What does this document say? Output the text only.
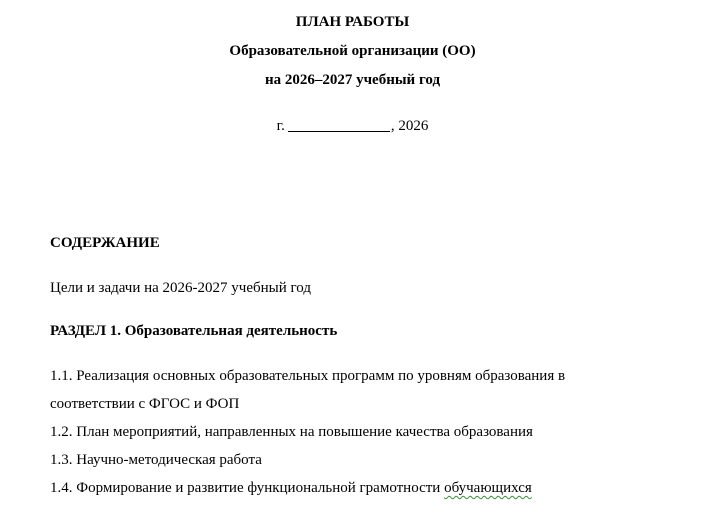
ПЛАН РАБОТЫ
Образовательной организации (ОО)
на 2026–2027 учебный год
г.	, 2026
СОДЕРЖАНИЕ
Цели и задачи на 2026-2027 учебный год
РАЗДЕЛ 1. Образовательная деятельность
1.1. Реализация основных образовательных программ по уровням образования в
соответствии с ФГОС и ФОП
1.2. План мероприятий, направленных на повышение качества образования
1.3. Научно-методическая работа
1.4. Формирование и развитие функциональной грамотности обучающихся
